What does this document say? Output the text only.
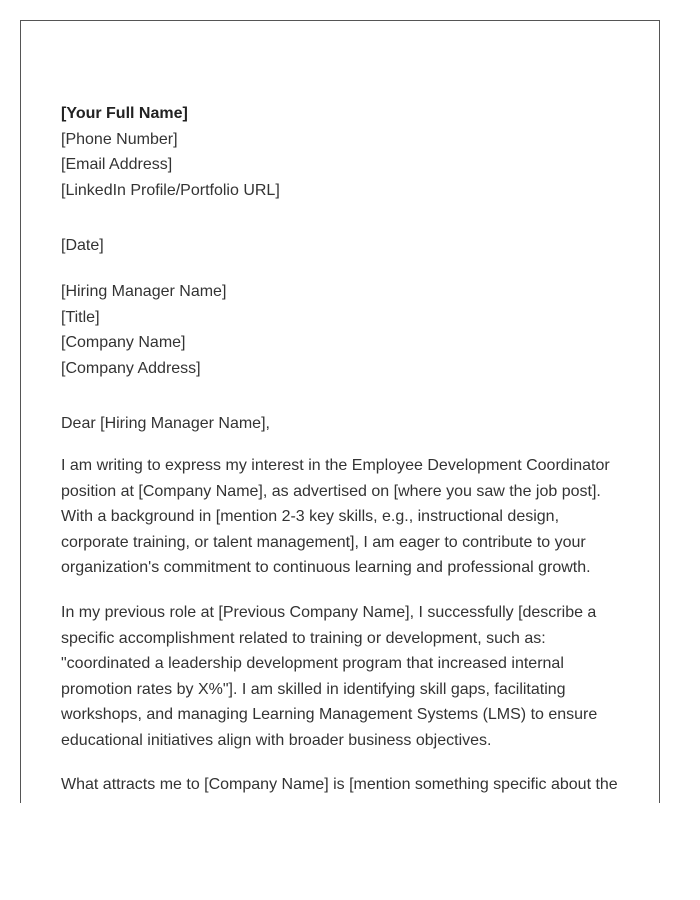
[Your Full Name]
[Phone Number]
[Email Address]
[LinkedIn Profile/Portfolio URL]
[Date]
[Hiring Manager Name]
[Title]
[Company Name]
[Company Address]
Dear [Hiring Manager Name],
I am writing to express my interest in the Employee Development Coordinator
position at [Company Name], as advertised on [where you saw the job post].
With a background in [mention 2-3 key skills, e.g., instructional design,
corporate training, or talent management], I am eager to contribute to your
organization's commitment to continuous learning and professional growth.
In my previous role at [Previous Company Name], I successfully [describe a
specific accomplishment related to training or development, such as:
"coordinated a leadership development program that increased internal
promotion rates by X%"]. I am skilled in identifying skill gaps, facilitating
workshops, and managing Learning Management Systems (LMS) to ensure
educational initiatives align with broader business objectives.
What attracts me to [Company Name] is [mention something specific about the
